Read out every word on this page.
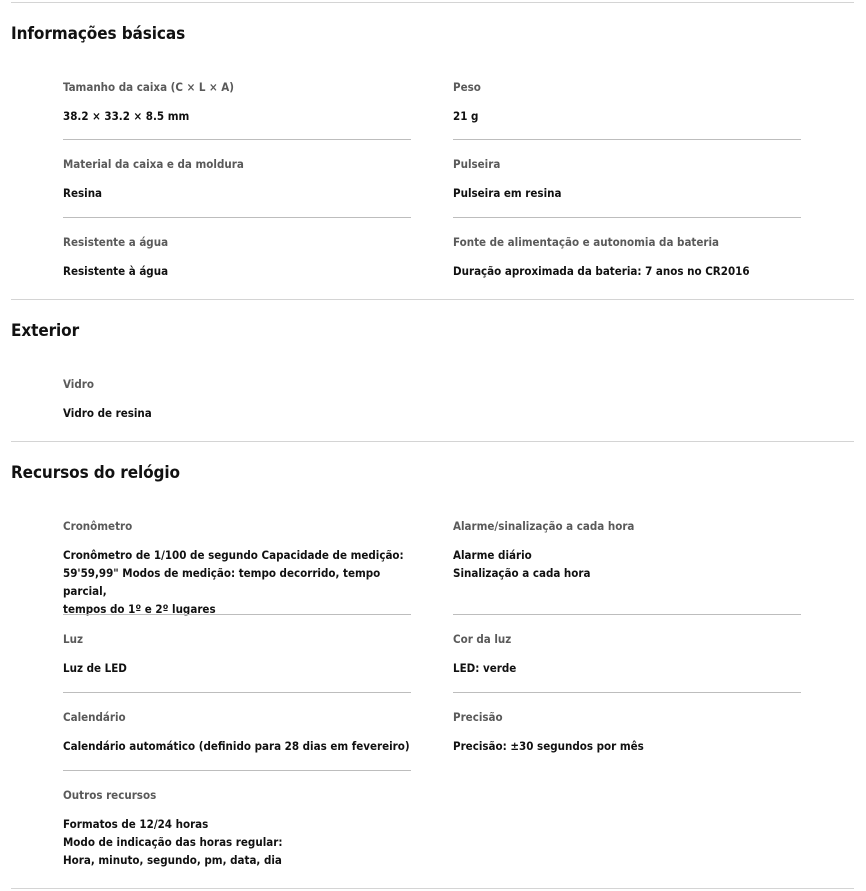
Informações básicas
Tamanho da caixa (C × L × A)
38.2 × 33.2 × 8.5 mm
Peso
21 g
Material da caixa e da moldura
Resina
Pulseira
Pulseira em resina
Resistente a água
Resistente à água
Fonte de alimentação e autonomia da bateria
Duração aproximada da bateria: 7 anos no CR2016
Exterior
Vidro
Vidro de resina
Recursos do relógio
Cronômetro
Cronômetro de 1/100 de segundo Capacidade de medição:
59'59,99" Modos de medição: tempo decorrido, tempo parcial,
tempos do 1º e 2º lugares
Alarme/sinalização a cada hora
Alarme diário
Sinalização a cada hora
Luz
Luz de LED
Cor da luz
LED: verde
Calendário
Calendário automático (definido para 28 dias em fevereiro)
Precisão
Precisão: ±30 segundos por mês
Outros recursos
Formatos de 12/24 horas
Modo de indicação das horas regular:
Hora, minuto, segundo, pm, data, dia
